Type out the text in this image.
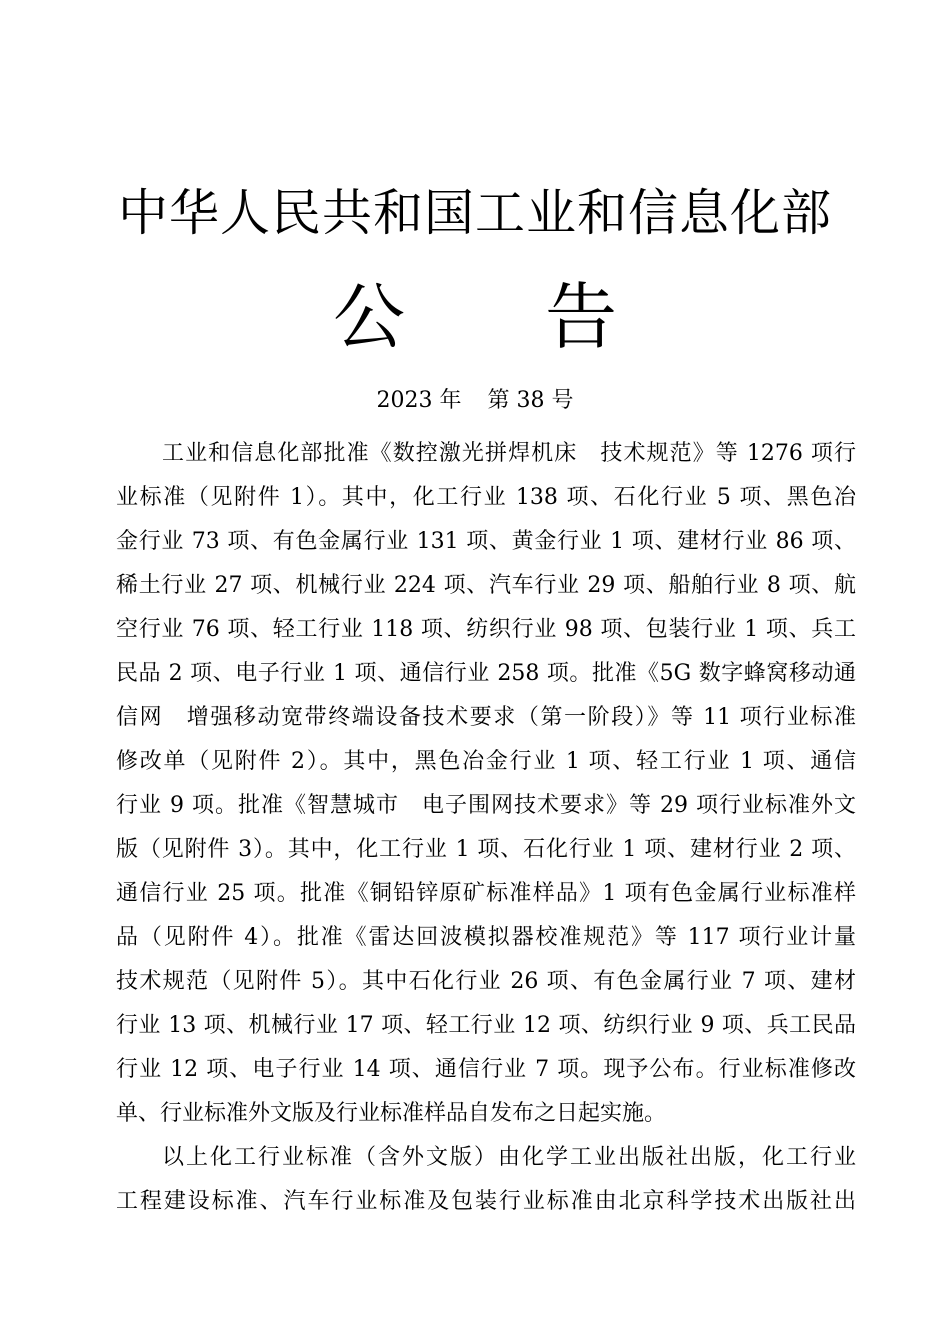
中华人民共和国工业和信息化部
公 告
2023 年 第 38 号
工业和信息化部批准《数控激光拼焊机床　技术规范》等 1276 项行
业标准（见附件 1）。其中，化工行业 138 项、石化行业 5 项、黑色冶
金行业 73 项、有色金属行业 131 项、黄金行业 1 项、建材行业 86 项、
稀土行业 27 项、机械行业 224 项、汽车行业 29 项、船舶行业 8 项、航
空行业 76 项、轻工行业 118 项、纺织行业 98 项、包装行业 1 项、兵工
民品 2 项、电子行业 1 项、通信行业 258 项。批准《5G 数字蜂窝移动通
信网　增强移动宽带终端设备技术要求（第一阶段）》等 11 项行业标准
修改单（见附件 2）。其中，黑色冶金行业 1 项、轻工行业 1 项、通信
行业 9 项。批准《智慧城市　电子围网技术要求》等 29 项行业标准外文
版（见附件 3）。其中，化工行业 1 项、石化行业 1 项、建材行业 2 项、
通信行业 25 项。批准《铜铅锌原矿标准样品》1 项有色金属行业标准样
品（见附件 4）。批准《雷达回波模拟器校准规范》等 117 项行业计量
技术规范（见附件 5）。其中石化行业 26 项、有色金属行业 7 项、建材
行业 13 项、机械行业 17 项、轻工行业 12 项、纺织行业 9 项、兵工民品
行业 12 项、电子行业 14 项、通信行业 7 项。现予公布。行业标准修改
单、行业标准外文版及行业标准样品自发布之日起实施。
以上化工行业标准（含外文版）由化学工业出版社出版，化工行业
工程建设标准、汽车行业标准及包装行业标准由北京科学技术出版社出
